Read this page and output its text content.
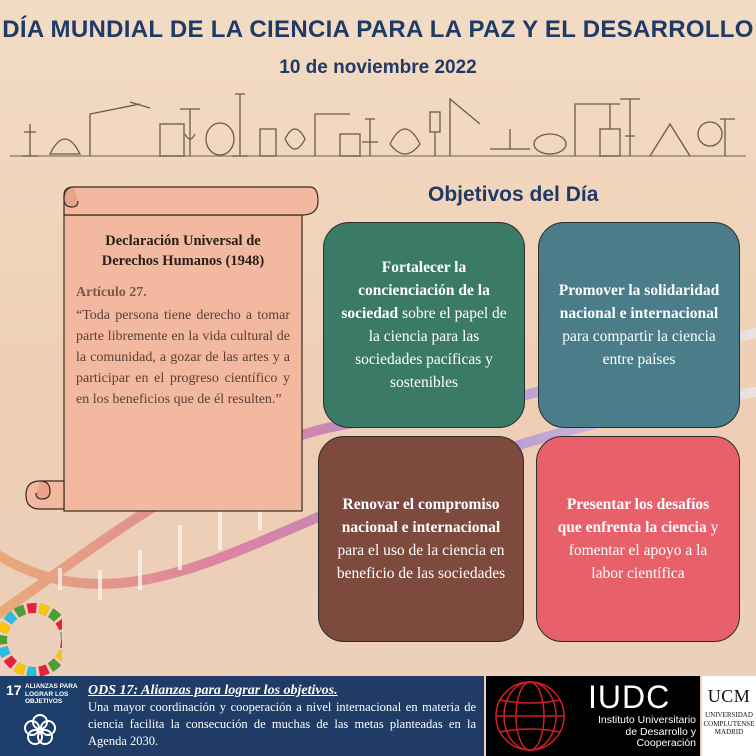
DÍA MUNDIAL DE LA CIENCIA PARA LA PAZ Y EL DESARROLLO
10 de noviembre 2022
Declaración Universal de Derechos Humanos (1948)
Artículo 27.
“Toda persona tiene derecho a tomar parte libremente en la vida cultural de la comunidad, a gozar de las artes y a participar en el progreso científico y en los beneficios que de él resulten.”
Objetivos del Día
Fortalecer la concienciación de la sociedad sobre el papel de la ciencia para las sociedades pacíficas y sostenibles
Promover la solidaridad nacional e internacional para compartir la ciencia entre países
Renovar el compromiso nacional e internacional para el uso de la ciencia en beneficio de las sociedades
Presentar los desafíos que enfrenta la ciencia y fomentar el apoyo a la labor científica
17 ALIANZAS PARA LOGRAR LOS OBJETIVOS
ODS 17: Alianzas para lograr los objetivos.
Una mayor coordinación y cooperación a nivel internacional en materia de ciencia facilita la consecución de muchas de las metas planteadas en la Agenda 2030.
IUDC
Instituto Universitario de Desarrollo y Cooperación
UCM
UNIVERSIDAD COMPLUTENSE MADRID
